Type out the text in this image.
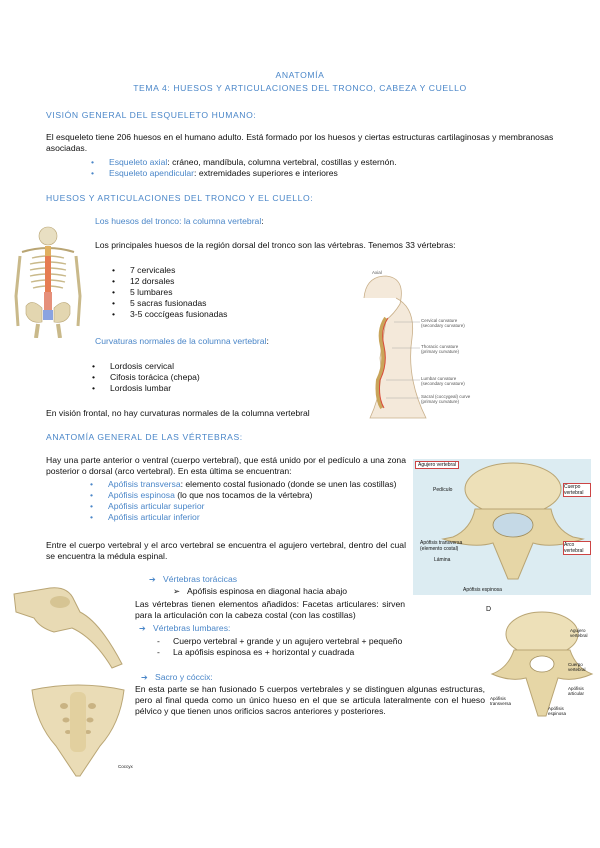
ANATOMÍA
TEMA 4: HUESOS Y ARTICULACIONES DEL TRONCO, CABEZA Y CUELLO
VISIÓN GENERAL DEL ESQUELETO HUMANO:
El esqueleto tiene 206 huesos en el humano adulto. Está formado por los huesos y ciertas estructuras cartilaginosas y membranosas asociadas.
• Esqueleto axial: cráneo, mandíbula, columna vertebral, costillas y esternón.
• Esqueleto apendicular: extremidades superiores e interiores
HUESOS Y ARTICULACIONES DEL TRONCO Y EL CUELLO:
Los huesos del tronco: la columna vertebral:
Los principales huesos de la región dorsal del tronco son las vértebras. Tenemos 33 vértebras:
• 7 cervicales
• 12 dorsales
• 5 lumbares
• 5 sacras fusionadas
• 3-5 coccígeas fusionadas
Curvaturas normales de la columna vertebral:
• Lordosis cervical
• Cifosis torácica (chepa)
• Lordosis lumbar
En visión frontal, no hay curvaturas normales de la columna vertebral
Axial
Cervical curvature (secondary curvature)
Thoracic curvature (primary curvature)
Lumbar curvature (secondary curvature)
Sacral (coccygeal) curve (primary curvature)
ANATOMÍA GENERAL DE LAS VÉRTEBRAS:
Hay una parte anterior o ventral (cuerpo vertebral), que está unido por el pedículo a una zona posterior o dorsal (arco vertebral). En esta última se encuentran:
• Apófisis transversa: elemento costal fusionado (donde se unen las costillas)
• Apófisis espinosa (lo que nos tocamos de la vértebra)
• Apófisis articular superior
• Apófisis articular inferior
Entre el cuerpo vertebral y el arco vertebral se encuentra el agujero vertebral, dentro del cual se encuentra la médula espinal.
Agujero vertebral
Cuerpo vertebral
Arco vertebral
Pedículo
Lámina
Apófisis transversa (elemento costal)
Apófisis espinosa
➔ Vértebras torácicas
➢ Apófisis espinosa en diagonal hacia abajo
Las vértebras tienen elementos añadidos: Facetas articulares: sirven para la articulación con la cabeza costal (con las costillas)
➔ Vértebras lumbares:
- Cuerpo vertebral + grande y un agujero vertebral + pequeño
- La apófisis espinosa es + horizontal y cuadrada
D
Agujero vertebral
Cuerpo vertebral
Apófisis articular
Apófisis transversa
Apófisis espinosa
➔ Sacro y cóccix:
En esta parte se han fusionado 5 cuerpos vertebrales y se distinguen algunas estructuras, pero al final queda como un único hueso en el que se articula lateralmente con el hueso pélvico y que tienen unos orificios sacros anteriores y posteriores.
Coccyx
